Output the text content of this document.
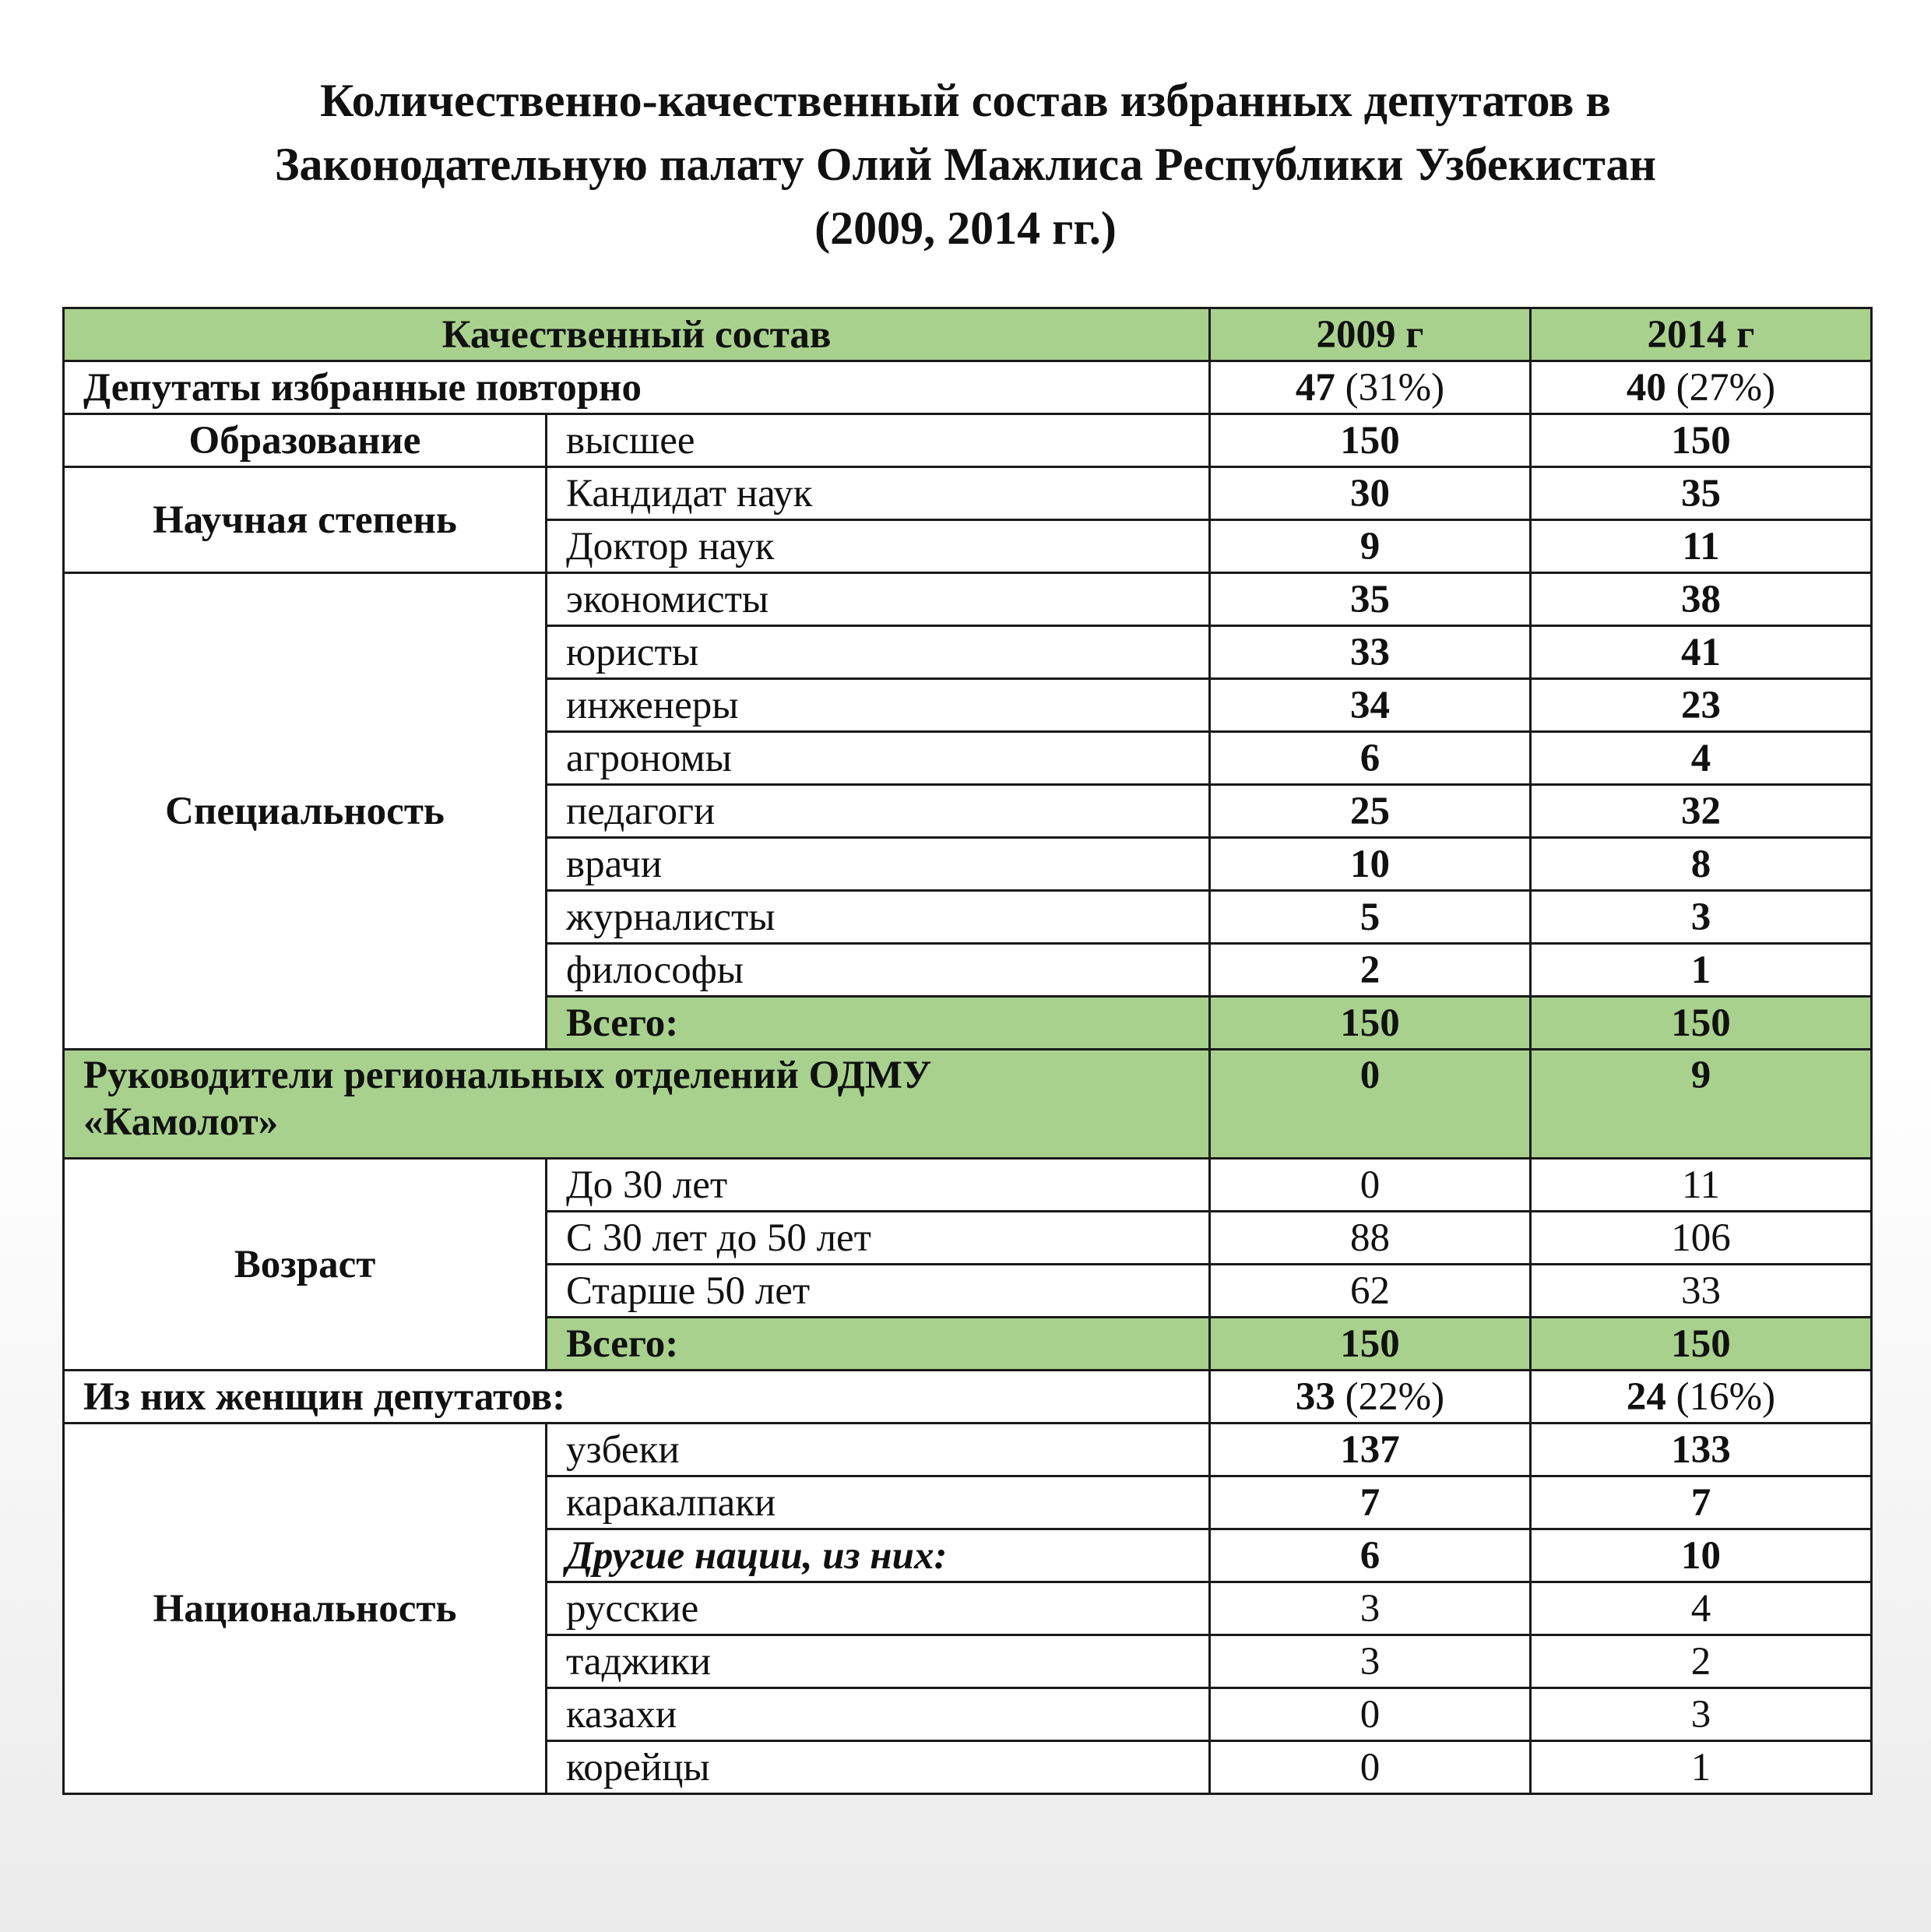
Количественно-качественный состав избранных депутатов в
Законодательную палату Олий Мажлиса Республики Узбекистан
(2009, 2014 гг.)
Качественный состав		2009 г	2014 г
Депутаты избранные повторно		47 (31%)	40 (27%)
Образование	высшее	150	150
Научная степень	Кандидат наук	30	35
	Доктор наук	9	11
Специальность	экономисты	35	38
	юристы	33	41
	инженеры	34	23
	агрономы	6	4
	педагоги	25	32
	врачи	10	8
	журналисты	5	3
	философы	2	1
	Всего:	150	150
Руководители региональных отделений ОДМУ
«Камолот»		0	9
Возраст	До 30 лет	0	11
	С 30 лет до 50 лет	88	106
	Старше 50 лет	62	33
	Всего:	150	150
Из них женщин депутатов:		33 (22%)	24 (16%)
Национальность	узбеки	137	133
	каракалпаки	7	7
	Другие нации, из них:	6	10
	русские	3	4
	таджики	3	2
	казахи	0	3
	корейцы	0	1
